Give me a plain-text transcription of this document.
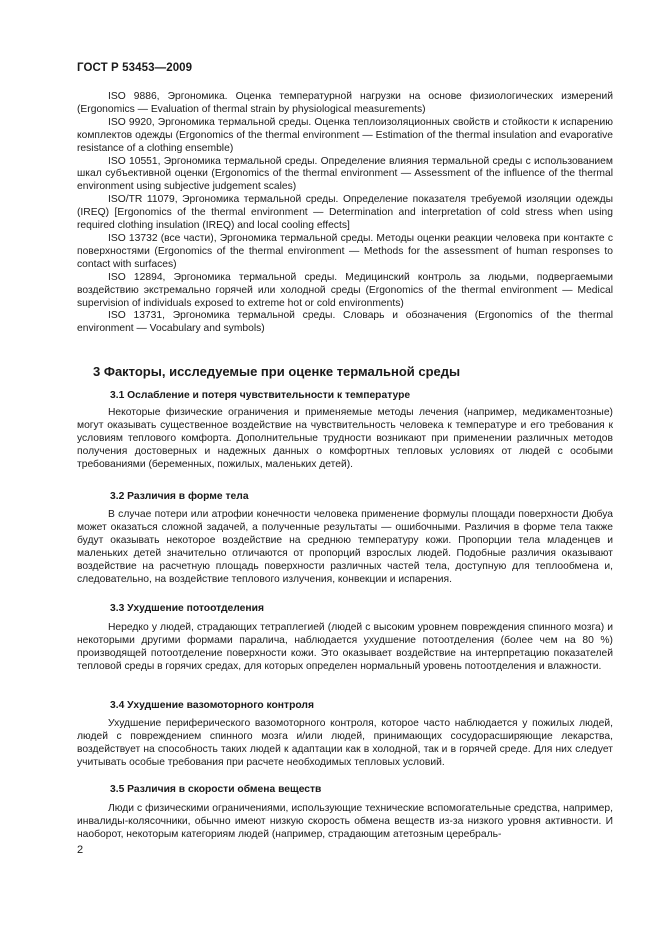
ГОСТ Р 53453—2009

ISO 9886, Эргономика. Оценка температурной нагрузки на основе физиологических измерений (Ergonomics — Evaluation of thermal strain by physiological measurements)

ISO 9920, Эргономика термальной среды. Оценка теплоизоляционных свойств и стойкости к испарению комплектов одежды (Ergonomics of the thermal environment — Estimation of the thermal insulation and evaporative resistance of a clothing ensemble)

ISO 10551, Эргономика термальной среды. Определение влияния термальной среды с использованием шкал субъективной оценки (Ergonomics of the thermal environment — Assessment of the influence of the thermal environment using subjective judgement scales)

ISO/TR 11079, Эргономика термальной среды. Определение показателя требуемой изоляции одежды (IREQ) [Ergonomics of the thermal environment — Determination and interpretation of cold stress when using required clothing insulation (IREQ) and local cooling effects]

ISO 13732 (все части), Эргономика термальной среды. Методы оценки реакции человека при контакте с поверхностями (Ergonomics of the thermal environment — Methods for the assessment of human responses to contact with surfaces)

ISO 12894, Эргономика термальной среды. Медицинский контроль за людьми, подвергаемыми воздействию экстремально горячей или холодной среды (Ergonomics of the thermal environment — Medical supervision of individuals exposed to extreme hot or cold environments)

ISO 13731, Эргономика термальной среды. Словарь и обозначения (Ergonomics of the thermal environment — Vocabulary and symbols)

3 Факторы, исследуемые при оценке термальной среды
3.1 Ослабление и потеря чувствительности к температуре

Некоторые физические ограничения и применяемые методы лечения (например, медикаментозные) могут оказывать существенное воздействие на чувствительность человека к температуре и его требования к условиям теплового комфорта. Дополнительные трудности возникают при применении различных методов получения достоверных и надежных данных о комфортных тепловых условиях от людей с особыми требованиями (беременных, пожилых, маленьких детей).

3.2 Различия в форме тела

В случае потери или атрофии конечности человека применение формулы площади поверхности Дюбуа может оказаться сложной задачей, а полученные результаты — ошибочными. Различия в форме тела также будут оказывать некоторое воздействие на среднюю температуру кожи. Пропорции тела младенцев и маленьких детей значительно отличаются от пропорций взрослых людей. Подобные различия оказывают воздействие на расчетную площадь поверхности различных частей тела, доступную для теплообмена и, следовательно, на воздействие теплового излучения, конвекции и испарения.

3.3 Ухудшение потоотделения

Нередко у людей, страдающих тетраплегией (людей с высоким уровнем повреждения спинного мозга) и некоторыми другими формами паралича, наблюдается ухудшение потоотделения (более чем на 80 %) производящей потоотделение поверхности кожи. Это оказывает воздействие на интерпретацию показателей тепловой среды в горячих средах, для которых определен нормальный уровень потоотделения и влажности.

3.4 Ухудшение вазомоторного контроля

Ухудшение периферического вазомоторного контроля, которое часто наблюдается у пожилых людей, людей с повреждением спинного мозга и/или людей, принимающих сосудорасширяющие лекарства, воздействует на способность таких людей к адаптации как в холодной, так и в горячей среде. Для них следует учитывать особые требования при расчете необходимых тепловых условий.

3.5 Различия в скорости обмена веществ

Люди с физическими ограничениями, использующие технические вспомогательные средства, например, инвалиды-колясочники, обычно имеют низкую скорость обмена веществ из-за низкого уровня активности. И наоборот, некоторым категориям людей (например, страдающим атетозным церебраль-

2
